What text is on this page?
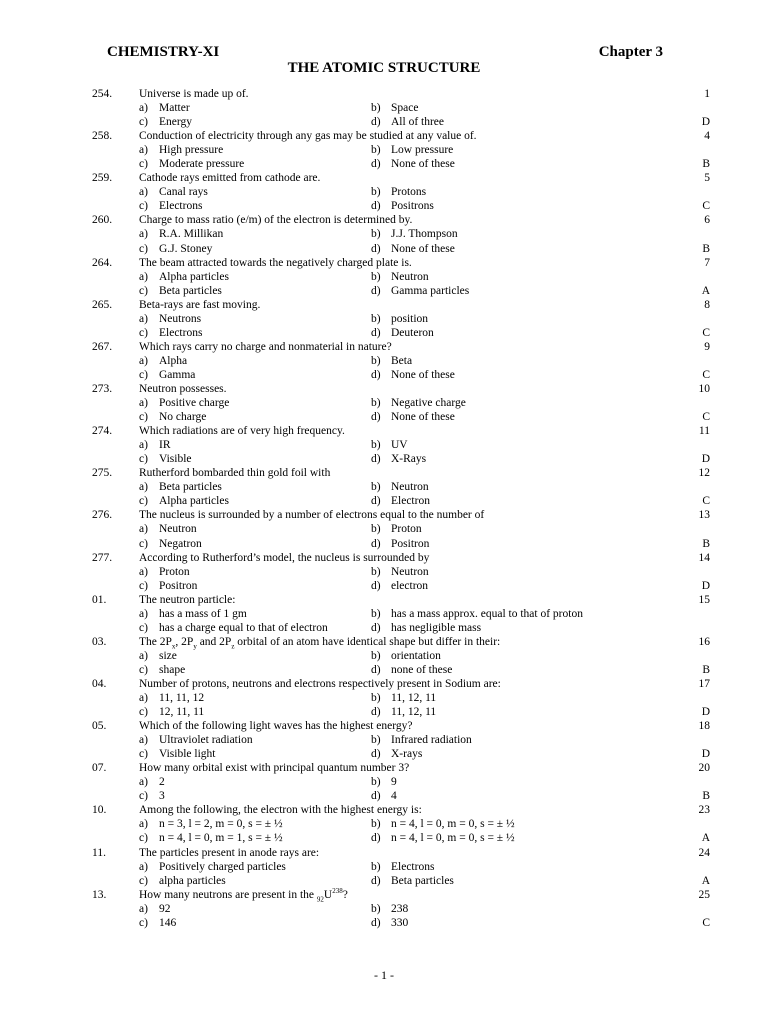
CHEMISTRY-XI	Chapter 3
THE ATOMIC STRUCTURE
254. Universe is made up of.	1
a) Matter	b) Space
c) Energy	d) All of three	D
258. Conduction of electricity through any gas may be studied at any value of.	4
a) High pressure	b) Low pressure
c) Moderate pressure	d) None of these	B
259. Cathode rays emitted from cathode are.	5
a) Canal rays	b) Protons
c) Electrons	d) Positrons	C
260. Charge to mass ratio (e/m) of the electron is determined by.	6
a) R.A. Millikan	b) J.J. Thompson
c) G.J. Stoney	d) None of these	B
264. The beam attracted towards the negatively charged plate is.	7
a) Alpha particles	b) Neutron
c) Beta particles	d) Gamma particles	A
265. Beta-rays are fast moving.	8
a) Neutrons	b) position
c) Electrons	d) Deuteron	C
267. Which rays carry no charge and nonmaterial in nature?	9
a) Alpha	b) Beta
c) Gamma	d) None of these	C
273. Neutron possesses.	10
a) Positive charge	b) Negative charge
c) No charge	d) None of these	C
274. Which radiations are of very high frequency.	11
a) IR	b) UV
c) Visible	d) X-Rays	D
275. Rutherford bombarded thin gold foil with	12
a) Beta particles	b) Neutron
c) Alpha particles	d) Electron	C
276. The nucleus is surrounded by a number of electrons equal to the number of	13
a) Neutron	b) Proton
c) Negatron	d) Positron	B
277. According to Rutherford’s model, the nucleus is surrounded by	14
a) Proton	b) Neutron
c) Positron	d) electron	D
01.	The neutron particle:	15
a) has a mass of 1 gm	b) has a mass approx. equal to that of proton
c) has a charge equal to that of electron	d) has negligible mass
03.	The $2P_x$, $2P_y$ and $2P_z$ orbital of an atom have identical shape but differ in their:	16
a) size	b) orientation
c) shape	d) none of these	B
04.	Number of protons, neutrons and electrons respectively present in Sodium are:	17
a) 11, 11, 12	b) 11, 12, 11
c) 12, 11, 11	d) 11, 12, 11	D
05.	Which of the following light waves has the highest energy?	18
a) Ultraviolet radiation	b) Infrared radiation
c) Visible light	d) X-rays	D
07.	How many orbital exist with principal quantum number 3?	20
a) 2	b) 9
c) 3	d) 4	B
10.	Among the following, the electron with the highest energy is:	23
a) n = 3, l = 2, m = 0, s = ± ½	b) n = 4, l = 0, m = 0, s = ± ½
c) n = 4, l = 0, m = 1, s = ± ½	d) n = 4, l = 0, m = 0, s = ± ½	A
11.	The particles present in anode rays are:	24
a) Positively charged particles	b) Electrons
c) alpha particles	d) Beta particles	A
13.	How many neutrons are present in the $_{92}U^{238}$?	25
a) 92	b) 238
c) 146	d) 330	C
- 1 -
